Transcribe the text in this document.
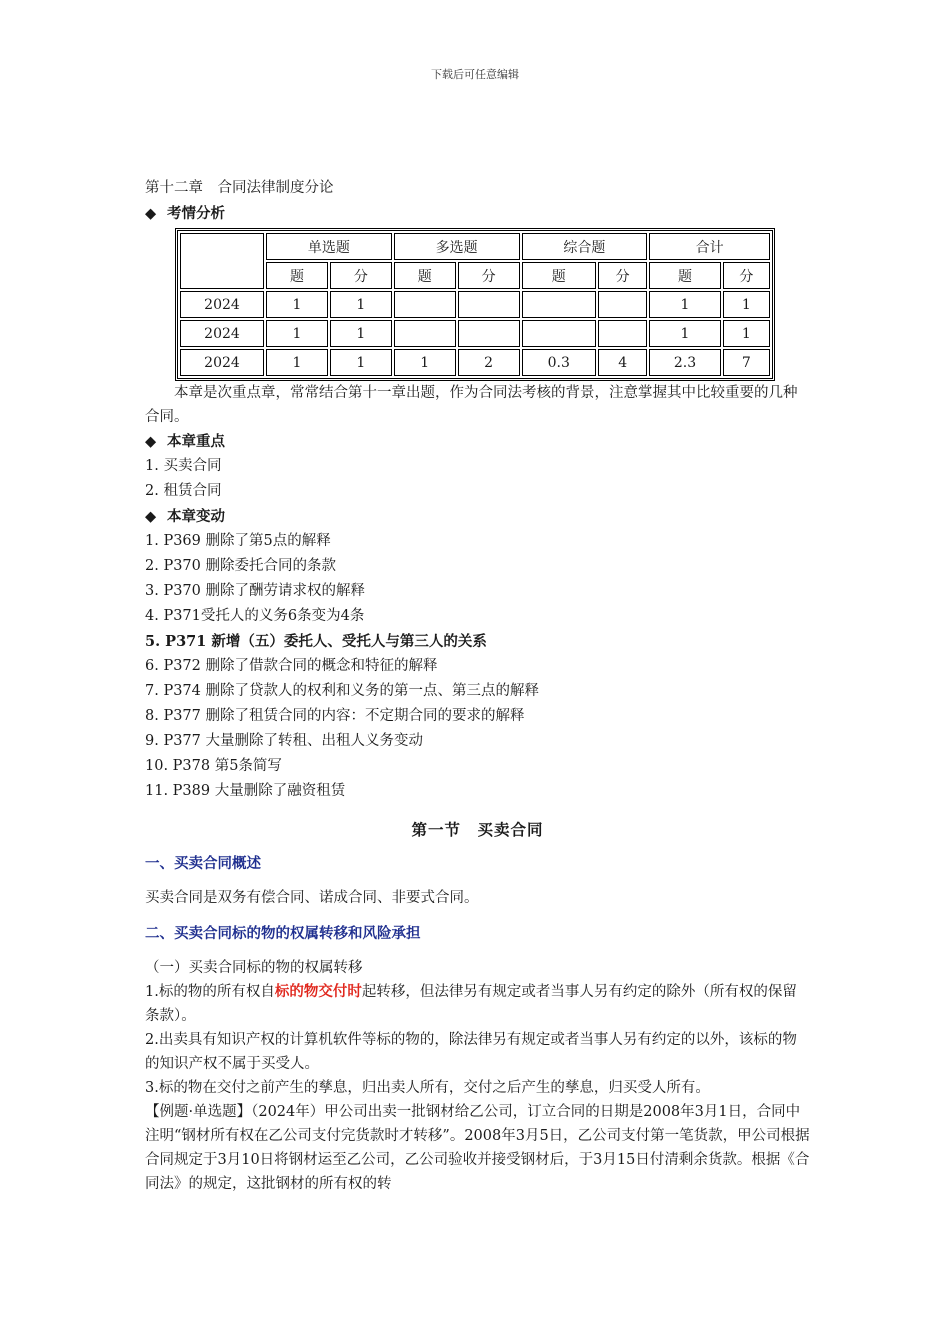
下载后可任意编辑
第十二章　合同法律制度分论
◆ 考情分析
	单选题		多选题		综合题		合计	
	题	分	题	分	题	分	题	分
2024	1	1					1	1
2024	1	1					1	1
2024	1	1	1	2	0.3	4	2.3	7
本章是次重点章，常常结合第十一章出题，作为合同法考核的背景，注意掌握其中比较重要的几种合同。
◆ 本章重点
1. 买卖合同
2. 租赁合同
◆ 本章变动
1. P369 删除了第5点的解释
2. P370 删除委托合同的条款
3. P370 删除了酬劳请求权的解释
4. P371受托人的义务6条变为4条
5. P371 新增（五）委托人、受托人与第三人的关系
6. P372 删除了借款合同的概念和特征的解释
7. P374 删除了贷款人的权利和义务的第一点、第三点的解释
8. P377 删除了租赁合同的内容：不定期合同的要求的解释
9. P377 大量删除了转租、出租人义务变动
10. P378 第5条简写
11. P389 大量删除了融资租赁
第一节　买卖合同
一、买卖合同概述
买卖合同是双务有偿合同、诺成合同、非要式合同。
二、买卖合同标的物的权属转移和风险承担
（一）买卖合同标的物的权属转移
1.标的物的所有权自标的物交付时起转移，但法律另有规定或者当事人另有约定的除外（所有权的保留条款）。
2.出卖具有知识产权的计算机软件等标的物的，除法律另有规定或者当事人另有约定的以外，该标的物的知识产权不属于买受人。
3.标的物在交付之前产生的孳息，归出卖人所有，交付之后产生的孳息，归买受人所有。
【例题·单选题】（2024年）甲公司出卖一批钢材给乙公司，订立合同的日期是2008年3月1日，合同中注明“钢材所有权在乙公司支付完货款时才转移”。2008年3月5日，乙公司支付第一笔货款，甲公司根据合同规定于3月10日将钢材运至乙公司，乙公司验收并接受钢材后，于3月15日付清剩余货款。根据《合同法》的规定，这批钢材的所有权的转
